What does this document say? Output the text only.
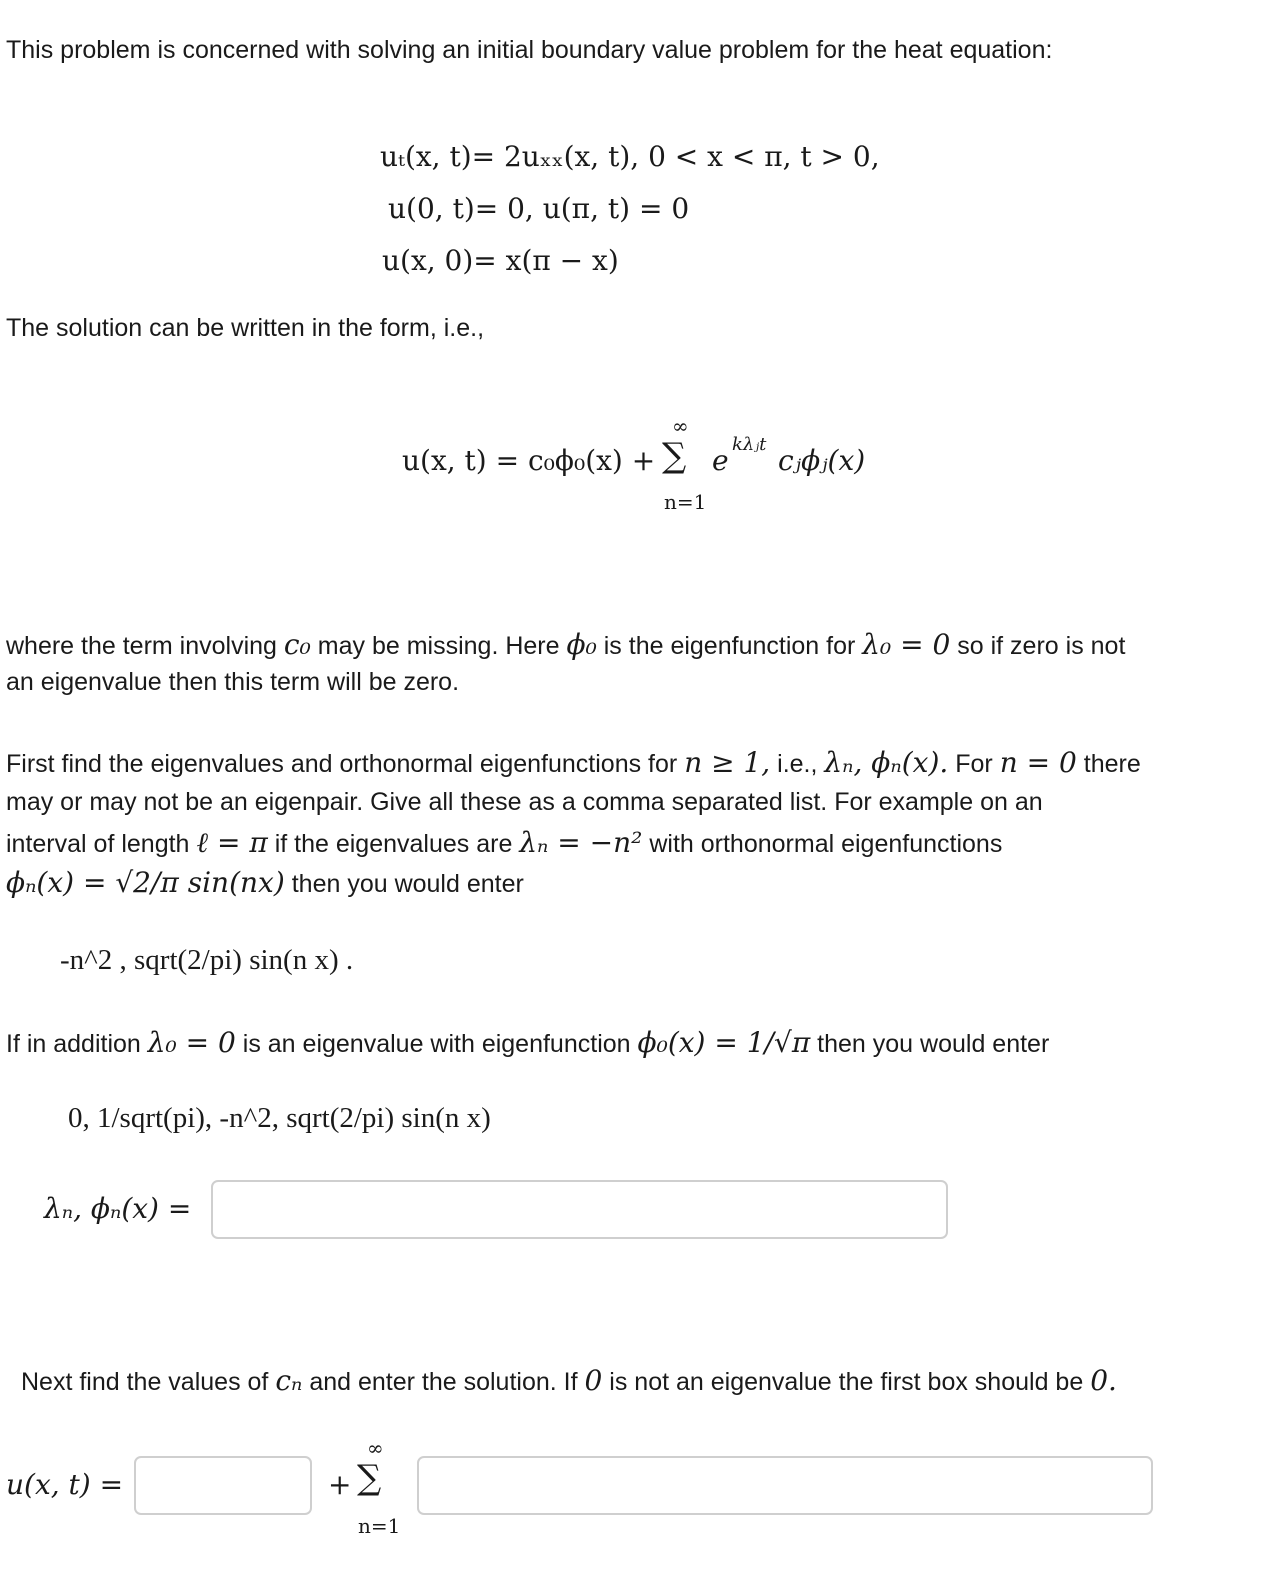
This problem is concerned with solving an initial boundary value problem for the heat equation:
uₜ(x, t)= 2uₓₓ(x, t), 0 < x < π, t > 0,
u(0, t)= 0, u(π, t) = 0
u(x, 0)= x(π − x)
The solution can be written in the form, i.e.,
u(x, t) = c₀ϕ₀(x) +
∞
∑
n=1
e kλⱼt cⱼϕⱼ(x)
where the term involving c₀ may be missing. Here ϕ₀ is the eigenfunction for λ₀ = 0 so if zero is not
an eigenvalue then this term will be zero.
First find the eigenvalues and orthonormal eigenfunctions for n ≥ 1, i.e., λₙ, ϕₙ(x). For n = 0 there
may or may not be an eigenpair. Give all these as a comma separated list. For example on an
interval of length ℓ = π if the eigenvalues are λₙ = −n² with orthonormal eigenfunctions
ϕₙ(x) = √2/π sin(nx) then you would enter
-n^2 , sqrt(2/pi) sin(n x) .
If in addition λ₀ = 0 is an eigenvalue with eigenfunction ϕ₀(x) = 1/√π then you would enter
0, 1/sqrt(pi), -n^2, sqrt(2/pi) sin(n x)
λₙ, ϕₙ(x) =
Next find the values of cₙ and enter the solution. If 0 is not an eigenvalue the first box should be 0.
u(x, t) =	+
∞
∑
n=1
